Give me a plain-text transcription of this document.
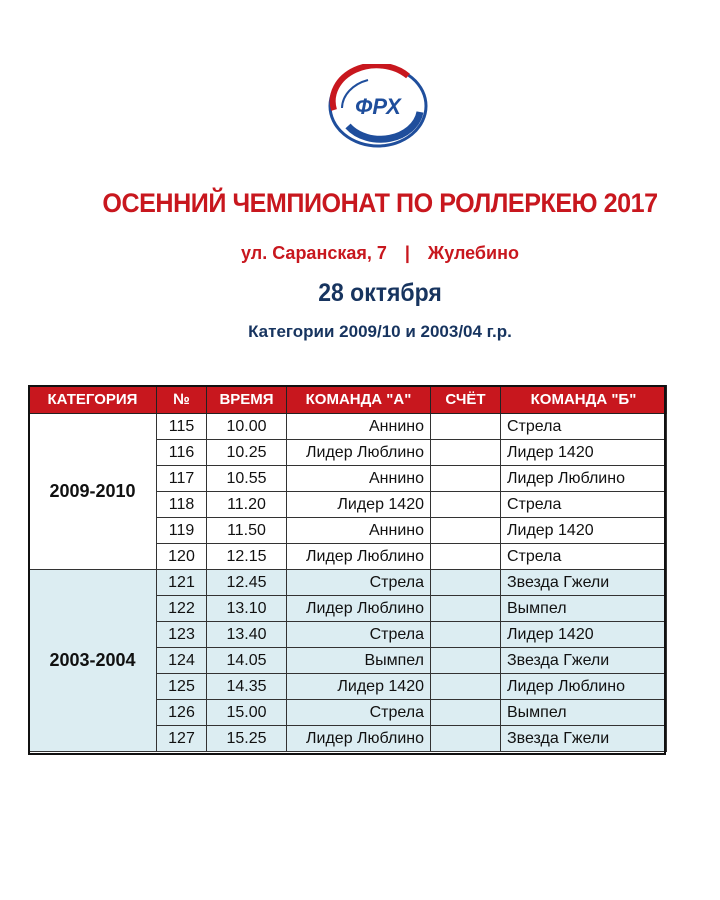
ФРХ
ОСЕННИЙ ЧЕМПИОНАТ ПО РОЛЛЕРКЕЮ 2017
ул. Саранская, 7 | Жулебино
28 октября
Категории 2009/10 и 2003/04 г.р.
КАТЕГОРИЯ	№	ВРЕМЯ	КОМАНДА "А"	СЧЁТ	КОМАНДА "Б"
2009-2010	115	10.00	Аннино		Стрела
	116	10.25	Лидер Люблино		Лидер 1420
	117	10.55	Аннино		Лидер Люблино
	118	11.20	Лидер 1420		Стрела
	119	11.50	Аннино		Лидер 1420
	120	12.15	Лидер Люблино		Стрела
2003-2004	121	12.45	Стрела		Звезда Гжели
	122	13.10	Лидер Люблино		Вымпел
	123	13.40	Стрела		Лидер 1420
	124	14.05	Вымпел		Звезда Гжели
	125	14.35	Лидер 1420		Лидер Люблино
	126	15.00	Стрела		Вымпел
	127	15.25	Лидер Люблино		Звезда Гжели
